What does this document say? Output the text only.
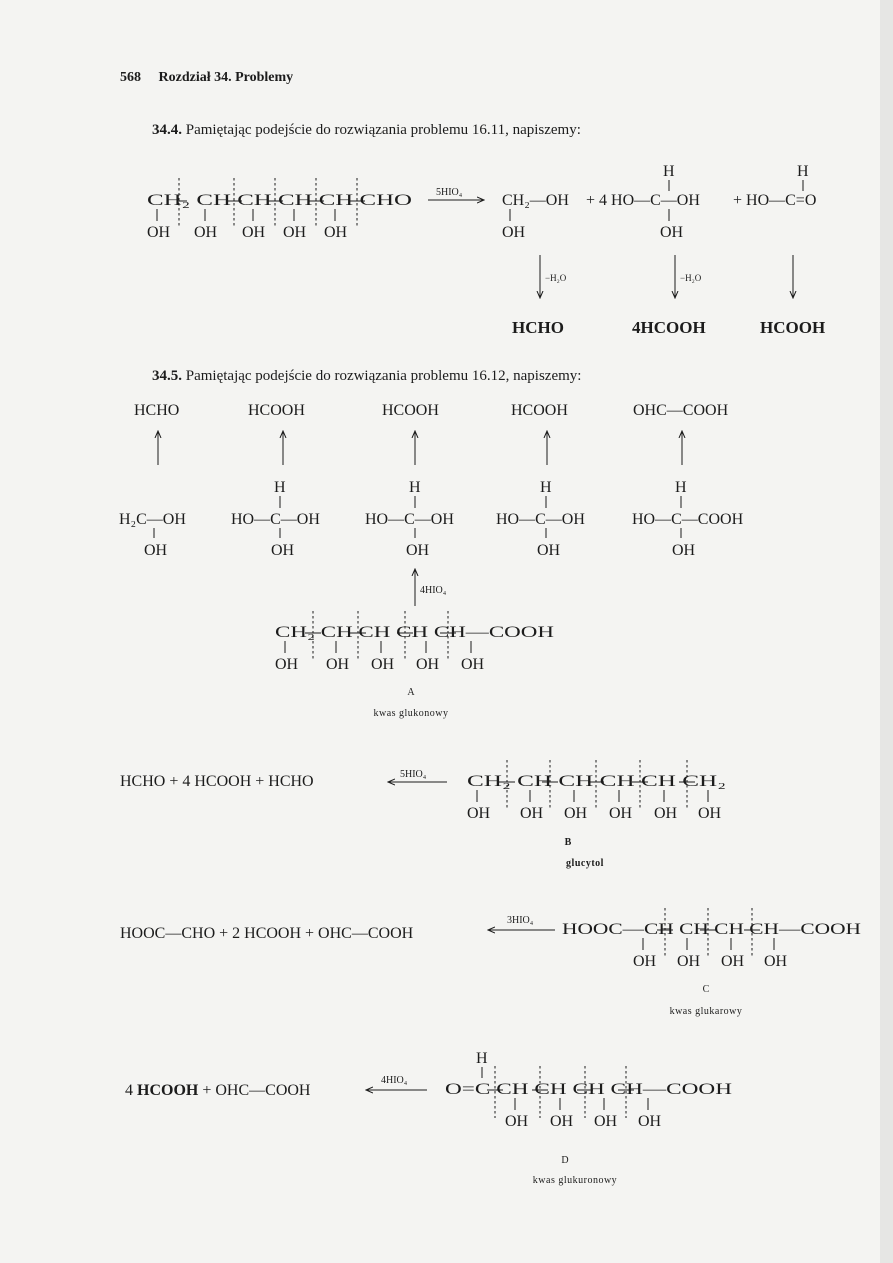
568 Rozdział 34. Problemy
34.4. Pamiętając podejście do rozwiązania problemu 16.11, napiszemy:
34.5. Pamiętając podejście do rozwiązania problemu 16.12, napiszemy:
CH₂ CH CH CH CH CHO
OH OH OH OH OH
5HIO₄ CH₂—OH + 4 HO—C—OH + HO—C=O
H	H
OH	OH
−H₂O	−H₂O
HCHO	4HCOOH	HCOOH
HCHO	HCOOH	HCOOH	HCOOH	OHC—COOH
H₂C—OH
OH
H
HO—C—OH
OH
H
HO—C—OH
OH
H
HO—C—OH
OH
H
HO—C—COOH
OH
4HIO₄
CH₂ CH CH CH CH—COOH
OH OH OH OH OH
A
kwas glukonowy
HCHO + 4 HCOOH + HCHO	5HIO₄	CH₂ CH CH CH CH CH₂
OH OH OH OH OH OH
B
glucytol
HOOC—CHO + 2 HCOOH + OHC—COOH
3HIO₄
HOOC—CH CH CH CH—COOH
OH OH OH OH
C
kwas glukarowy
4 HCOOH + OHC—COOH
4HIO₄
H
O=C CH CH CH CH—COOH
OH OH OH OH
D
kwas glukuronowy
